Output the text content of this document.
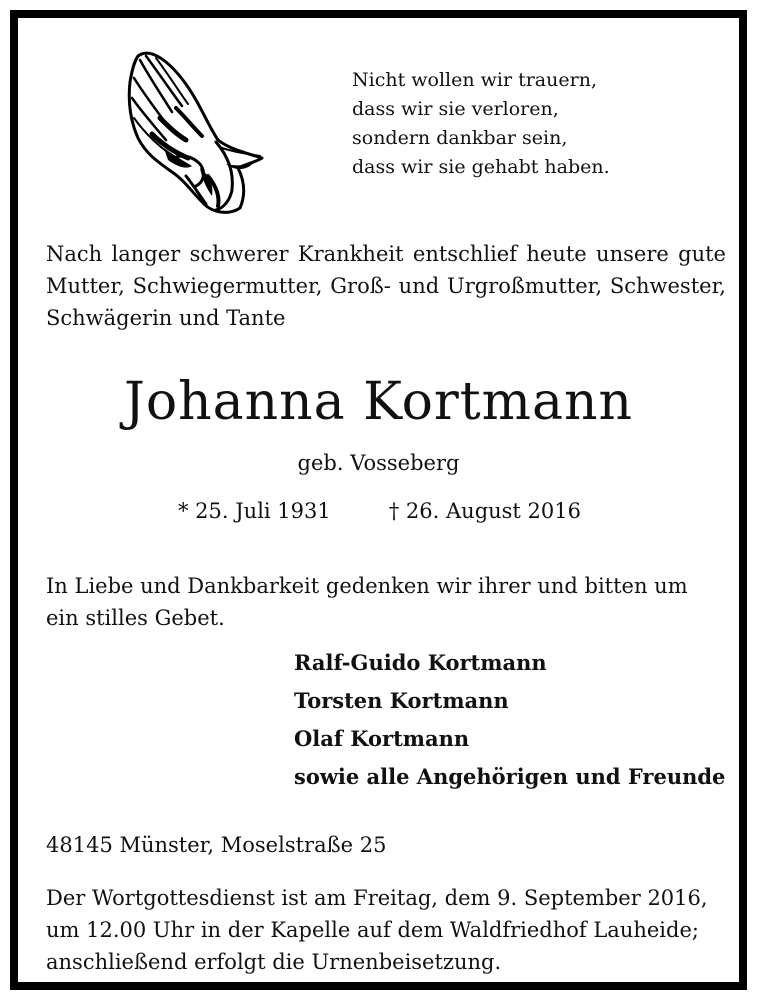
Nicht wollen wir trauern,
dass wir sie verloren,
sondern dankbar sein,
dass wir sie gehabt haben.
Nach langer schwerer Krankheit entschlief heute unsere gute Mutter, Schwiegermutter, Groß- und Urgroßmutter, Schwester, Schwägerin und Tante
Johanna Kortmann
geb. Vosseberg
* 25. Juli 1931	† 26. August 2016
In Liebe und Dankbarkeit gedenken wir ihrer und bitten um ein stilles Gebet.
Ralf-Guido Kortmann
Torsten Kortmann
Olaf Kortmann
sowie alle Angehörigen und Freunde
48145 Münster, Moselstraße 25
Der Wortgottesdienst ist am Freitag, dem 9. September 2016,
um 12.00 Uhr in der Kapelle auf dem Waldfriedhof Lauheide;
anschließend erfolgt die Urnenbeisetzung.
